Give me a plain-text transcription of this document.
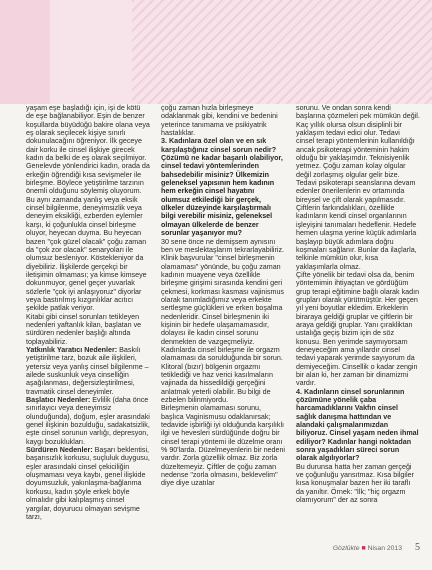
yaşam eşe başladığı için, işi de kötü de eşe bağlanabiliyor. Eşin de benzer koşullarda büyüdüğü bakire olana veya eş olarak seçilecek kişiye sınırlı dokunulacağını öğreniyor. İlk geceye dair korku ile cinsel ilişkiye girecek kadın da belki de eş olarak seçilmiyor. Genelevde yönlendirici kadın, orada da erkeğin öğrendiği kısa sevişmeler ile birleşme. Böylece yetiştirilme tarzının önemli olduğunu söylemiş oluyorum. Bu aynı zamanda yanlış veya eksik cinsel bilgilenme, deneyimsizlik veya deneyim eksikliği, ezberden eylemler karşı, ki çoğunlukla cinsel birleşme oluyor, heyecan duyma. Bu heyecan bazen "çok güzel olacak" çoğu zaman da "çok zor olacak" senaryoları ile olumsuz besleniyor. Köstekleniyor da diyebiliriz. İlişkilerde gerçekçi bir iletişimin olmaması; ya kimse kimseye dokunmuyor, genel geçer yuvarlak sözlerle "çok iyi anlaşıyoruz" diyorlar veya bastırılmış kızgınlıklar acıtıcı şekilde patlak veriyor.

Kitabi gibi cinsel sorunları tetikleyen nedenleri yaftanlık kilan, başlatan ve sürdüren nedenler başlığı altında toplayabiliriz.

Yatkınlık Yaratıcı Nedenler: Baskılı yetiştirilme tarz, bozuk aile ilişkileri, yetersiz veya yanlış cinsel bilgilenme –ailede suskunluk veya cinselliğin aşağılanması, değersizleştirilmesi, travmatik cinsel deneyimler.

Başlatıcı Nedenler: Evlilik (daha önce sınırlayıcı veya deneyimsiz olunduğunda), doğum, eşler arasındaki genel ilişkinin bozulduğu, sadakatsizlik, eşte cinsel sorunun varlığı, depresyon, kaygı bozuklukları.

Sürdüren Nedenler: Başarı beklentisi, başarısızlık korkusu, suçluluk duygusu, eşler arasındaki cinsel çekiciliğin oluşmaması veya kaybı, genel ilişkide doyumsuzluk, yakınlaşma-bağlanma korkusu, kadın şöyle erkek böyle olmalıdır gibi kalıplaşmış cinsel yargılar, doyurucu olmayan sevişme tarzı,

çoğu zaman hızla birleşmeye odaklanmak gibi, kendini ve bedenini yeterince tanımama ve psikiyatrik hastalıklar.

3. Kadınlara özel olan ve en sık karşılaştığınız cinsel sorun nedir? Çözümü ne kadar başarılı olabiliyor, cinsel tedavi yöntemlerinden bahsedebilir misiniz? Ülkemizin geleneksel yapısının hem kadının hem erkeğin cinsel hayatını olumsuz etkilediği bir gerçek, ülkeler düzeyinde karşılaştırmalı bilgi verebilir misiniz, geleneksel olmayan ülkelerde de benzer sorunlar yaşanıyor mu?

30 sene önce ne demişsem aynısını ben ve meslektaşlarım tekrarlayabiliriz. Klinik başvurular "cinsel birleşmenin olamaması" yönünde, bu çoğu zaman kadının muayene veya özellikle birleşme girişimi sırasında kendini geri çekmesi, korkması kasması vajinismus olarak tanımladığımız veya erkekte sertleşme güçlükleri ve erken boşalma nedenleridir. Cinsel birleşmenin iki kişinin bir hedefe ulaşamamasıdır, dolayısı ile kadın cinsel sorunu denmekten de vazgeçmeliyiz.

Kadınlarda cinsel birleşme ile orgazm olamaması da sorulduğunda bir sorun. Klitoral (bızır) bölgenin orgazmı tetiklediği ve haz verici kasılmaların vajinada da hissedildiği gerçeğini anlatmak yeterli olabilir. Bu bilgi de ezbelen bilinmiyordu.

Birleşmenin olamaması sorunu, başlıca Vaginismusu odaklanırsak; tedavide işbirliği iyi olduğunda karşılıklı ilgi ve hevesleri sürdüğünde doğru bir cinsel terapi yöntemi ile düzelme oranı % 90'larda. Düzelmeyenlerin bir nedeni vardır. Zorla güzellik olmaz. Biz zorla düzeltemeyiz. Çiftler de çoğu zaman nedense "zorla olmasını, beklevelim" diye diye uzatılar

sorunu. Ve ondan sonra kendi başlarına çözmeleri pek mümkün değil. Kaç yıllık olursa olsun disiplinli bir yaklaşım tedavi edici olur. Tedavi cinsel terapi yöntemlerinin kullanıldığı ancak psikoterapi yönteminin hakim olduğu bir yaklaşımdır. Teknisiyenlik yetmez. Çoğu zaman kolay olgular değil zorlaşmış olgular gelir bize. Tedavi psikoterapi seanslarına devam edenler önerilenlerin ev ortamında bireysel ve çift olarak yapılmasıdır. Çiftlerin farkındalıkları, özellikle kadınların kendi cinsel organlarının işleyişini tanımaları hedeflenir. Hedefe hemen ulaşma yerine küçük adımlarla başlayıp büyük adımlara doğru koşmaları sağlanır. Bunlar da ilaçlarla, telkinle mümkün olur, kısa yaklaşımlarla olmaz.

Çifte yönelik bir tedavi olsa da, benim yöntemimin ihtiyaçtan ve gördüğüm grup terapi eğitimine bağlı olarak kadın grupları olarak yürütmüştür. Her geçen yıl yeni boyutlar ekledim. Erkeklerin biraraya geldiği gruplar ve çiftlerin bir araya geldiği gruplar. Yanı çırakliktan ustalığa geçiş bizim için de söz konusu. Ben yerimde saymıyorsam deneyeceğim ama yıllardır cinsel tedavi yaparak yerimde sayıyorum da demiyeceğim. Cinsellik o kadar zengin bir alan ki, her zaman bir dinamizmi vardır.

4. Kadınların cinsel sorunlarının çözümüne yönelik çaba harcamadıklarını Vakfın cinsel sağlık danışma hattından ve alandaki çalışmalarımızdan biliyoruz. Cinsel yaşam neden ihmal ediliyor? Kadınlar hangi noktadan sonra yaşadıkları süreci sorun olarak algılıyorlar?

Bu durunsa hatta her zaman gerçeği ve çoğunluğu yansıtmaz. Kısa bilgiler kısa konuşmalar bazen her iki taraflı da yanıltır. Örnek: "İlk; "hiç orgazm olamıyorum" der az sonra

Gözlükte ■ Nisan 2013 5
